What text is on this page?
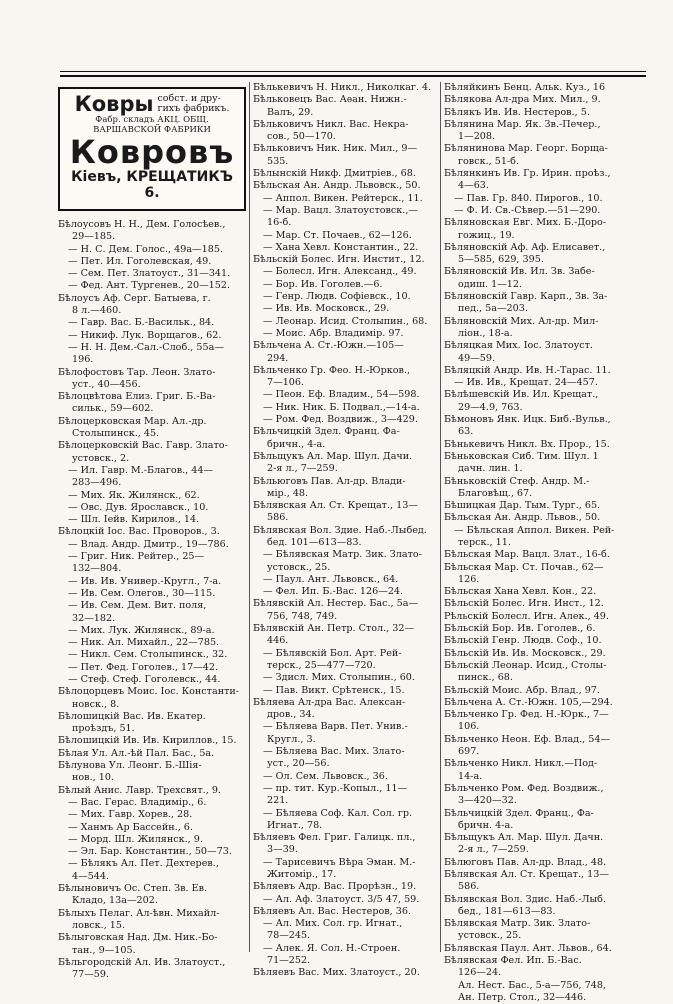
Ковры собст. и дру-
гихъ фабрикъ.
Фабр. складъ АКЦ. ОБЩ.
ВАРШАВСКОЙ ФАБРИКИ
Ковровъ
Кiевъ, КРЕЩАТИКЪ 6.
Бѣлоусовъ Н. Н., Дем. Голосѣев.,
29—185.
— Н. С. Дем. Голос., 49а—185.
— Пет. Ил. Гоголевская, 49.
— Сем. Пет. Златоуст., 31—341.
— Фед. Ант. Тургенев., 20—152.
Бѣлоусъ Аф. Серг. Батыева, г.
8 л.—460.
— Гавр. Вас. Б.-Васильк., 84.
— Никиф. Лук. Ворщагов., 62.
— Н. Н. Дем.-Сал.-Слоб., 55а—
196.
Бѣлофостовъ Тар. Леон. Злато-
уст., 40—456.
Бѣлоцвѣтова Елиз. Григ. Б.-Ва-
сильк., 59—602.
Бѣлоцерковская Мар. Ал.-др.
Столыпинск., 45.
Бѣлоцерковскiй Вас. Гавр. Злато-
устовск., 2.
— Ил. Гавр. М.-Благов., 44—
283—496.
— Мих. Як. Жилянск., 62.
— Овс. Дув. Ярославск., 10.
— Шл. Iейв. Кирилов., 14.
Бѣлоцкiй Iос. Вас. Проворов., 3.
— Влад. Андр. Дмитр., 19—786.
— Григ. Ник. Рейтер., 25—
132—804.
— Ив. Ив. Универ.-Кругл., 7-а.
— Ив. Сем. Олегов., 30—115.
— Ив. Сем. Дем. Вит. поля,
32—182.
— Мих. Лук. Жилянск., 89-а.
— Ник. Ал. Михайл., 22—785.
— Никл. Сем. Столыпинск., 32.
— Пет. Фед. Гоголев., 17—42.
— Стеф. Стеф. Гоголевск., 44.
Бѣлоцорцевъ Моис. Iос. Константи-
новск., 8.
Бѣлошицкiй Вас. Ив. Екатер.
проѣздъ, 51.
Бѣлошицкiй Ив. Ив. Кириллов., 15.
Бѣлая Ул. Ал.-ѣй Пал. Бас., 5а.
Бѣлунова Ул. Леонг. Б.-Шiя-
нов., 10.
Бѣлый Анис. Лавр. Трехсвят., 9.
— Вас. Герас. Владимiр., 6.
— Мих. Гавр. Хорев., 28.
— Ханмъ Ар Бассейн., 6.
— Морд. Шл. Жилянск., 9.
— Эл. Бар. Константин., 50—73.
— Бѣлякъ Ал. Пет. Дехтерев.,
4—544.
Бѣлыновичъ Ос. Степ. Зв. Ев.
Кладо, 13а—202.
Бѣлыхъ Пелаг. Ал-ѣвн. Михайл-
ловск., 15.
Бѣлыговская Над. Дм. Ник.-Бо-
тан., 9—105.
Бѣльгородскiй Ал. Ив. Златоуст.,
77—59.
Бѣлькевичъ Н. Никл., Николкаг. 4.
Бѣльковецъ Вас. Аѳан. Нижн.-
Валъ, 29.
Бѣльковичъ Никл. Вас. Некра-
сов., 50—170.
Бѣльковичъ Ник. Ник. Мил., 9—
535.
Бѣлынскiй Никф. Дмитрiев., 68.
Бѣльская Ан. Андр. Львовск., 50.
— Аппол. Викен. Рейтерск., 11.
— Мар. Вацл. Златоустовск.,—
16-б.
— Мар. Ст. Почаев., 62—126.
— Хана Хевл. Константин., 22.
Бѣльскiй Болес. Игн. Инстит., 12.
— Болесл. Игн. Александ., 49.
— Бор. Ив. Гоголев.—6.
— Генр. Людв. Софiевск., 10.
— Ив. Ив. Московск., 29.
— Леонар. Исид. Столыпин., 68.
— Моис. Абр. Владимiр. 97.
Бѣльчена А. Ст.-Южн.—105—
294.
Бѣльченко Гр. Фео. Н.-Юрков.,
7—106.
— Пеон. Еф. Владим., 54—598.
— Ник. Ник. Б. Подвал.,—14-а.
— Ром. Фед. Воздвиж., 3—429.
Бѣльчицкiй Здел. Франц. Фа-
бричн., 4-а.
Бѣльщукъ Ал. Мар. Шул. Дачи.
2-я л., 7—259.
Бѣльюговъ Пав. Ал-др. Влади-
мiр., 48.
Бѣлявская Ал. Ст. Крещат., 13—
586.
Бѣлявская Вол. Здие. Наб.-Лыбед.
бед. 101—613—83.
— Бѣлявская Матр. Зик. Злато-
устовск., 25.
— Паул. Ант. Львовск., 64.
— Фел. Ип. Б.-Вас. 126—24.
Бѣлявскiй Ал. Нестер. Бас., 5а—
756, 748, 749.
Бѣлявскiй Ан. Петр. Стол., 32—
446.
— Бѣлявскiй Бол. Арт. Рей-
терск., 25—477—720.
— Здисл. Мих. Столыпин., 60.
— Пав. Викт. Срѣтенск., 15.
Бѣляева Ал-дра Вас. Алексан-
дров., 34.
— Бѣляева Варв. Пет. Унив.-
Кругл., 3.
— Бѣляева Вас. Мих. Злато-
уст., 20—56.
— Ол. Сем. Львовск., 36.
— пр. тит. Кур.-Копыл., 11—
221.
— Бѣляева Соф. Кал. Сол. гр.
Игнат., 78.
Бѣляевъ Фел. Григ. Галицк. пл.,
3—39.
— Тарисевичъ Вѣра Эман. М.-
Житомiр., 17.
Бѣляевъ Адр. Вас. Прорѣзн., 19.
— Ал. Аф. Златоуст. 3/5 47, 59.
Бѣляевъ Ал. Вас. Нестеров, 36.
— Ал. Мих. Сол. гр. Игнат.,
78—245.
— Алек. Я. Сол. Н.-Строен.
71—252.
Бѣляевъ Вас. Мих. Златоуст., 20.
Бѣляйкинъ Бенц. Альк. Куз., 16
Бѣлякова Ал-дра Мих. Мил., 9.
Бѣлякъ Ив. Ив. Нестеров., 5.
Бѣлянина Мар. Як. Зв.-Печер.,
1—208.
Бѣлянинова Мар. Георг. Борща-
говск., 51-б.
Бѣлянкинъ Ив. Гр. Ирин. проѣз.,
4—63.
— Пав. Гр. 840. Пирогов., 10.
— Ф. И. Св.-Сѣвер.—51—290.
Бѣляновская Евг. Мих. Б.-Доро-
гожиц., 19.
Бѣляновскiй Аф. Аф. Елисавет.,
5—585, 629, 395.
Бѣляновскiй Ив. Ил. Зв. Забе-
одиш. 1—12.
Бѣляновскiй Гавр. Карп., Зв. За-
пед., 5а—203.
Бѣляновскiй Мих. Ал-др. Мил-
лiон., 18-а.
Бѣляцкая Мих. Iос. Златоуст.
49—59.
Бѣляцкiй Андр. Ив. Н.-Тарас. 11.
— Ив. Ив., Крещат. 24—457.
Бѣлѣшевскiй Ив. Ил. Крещат.,
29—4.9, 763.
Бѣмоновъ Янк. Ицк. Биб.-Вульв.,
63.
Бѣнькевичъ Никл. Вх. Прор., 15.
Бѣньковская Сиб. Тим. Шул. 1
дачн. лин. 1.
Бѣньковскiй Стеф. Андр. М.-
Благовѣщ., 67.
Бѣшицкая Дар. Тым. Тург., 65.
Бѣльская Ан. Андр. Львов., 50.
— Бѣльская Аппол. Викен. Рей-
терск., 11.
Бѣльская Мар. Вацл. Злат., 16-б.
Бѣльская Мар. Ст. Почав., 62—
126.
Бѣльская Хана Хевл. Кон., 22.
Бѣльскiй Болес. Игн. Инст., 12.
Рѣльскiй Болесл. Игн. Алек., 49.
Бѣльскiй Бор. Ив. Гоголев., 6.
Бѣльскiй Генр. Людв. Соф., 10.
Бѣльскiй Ив. Ив. Московск., 29.
Бѣльскiй Леонар. Исид., Столы-
пинск., 68.
Бѣльскiй Моис. Абр. Влад., 97.
Бѣльчена А. Ст.-Южн. 105,—294.
Бѣльченко Гр. Фед. Н.-Юрк., 7—
106.
Бѣльченко Неон. Еф. Влад., 54—
697.
Бѣльченко Никл. Никл.—Под-
14-а.
Бѣльченко Ром. Фед. Воздвиж.,
3—420—32.
Бѣльчицкiй Здел. Франц., Фа-
бричн. 4-а.
Бѣльщукъ Ал. Мар. Шул. Дачн.
2-я л., 7—259.
Бѣлюговъ Пав. Ал-др. Влад., 48.
Бѣлявская Ал. Ст. Крещат., 13—
586.
Бѣлявская Вол. Здис. Наб.-Лыб.
бед., 181—613—83.
Бѣлявская Матр. Зик. Злато-
устовск., 25.
Бѣлявская Паул. Ант. Львов., 64.
Бѣлявская Фел. Ип. Б.-Вас.
126—24.
Ал. Нест. Бас., 5-а—756, 748,
Ан. Петр. Стол., 32—446.
